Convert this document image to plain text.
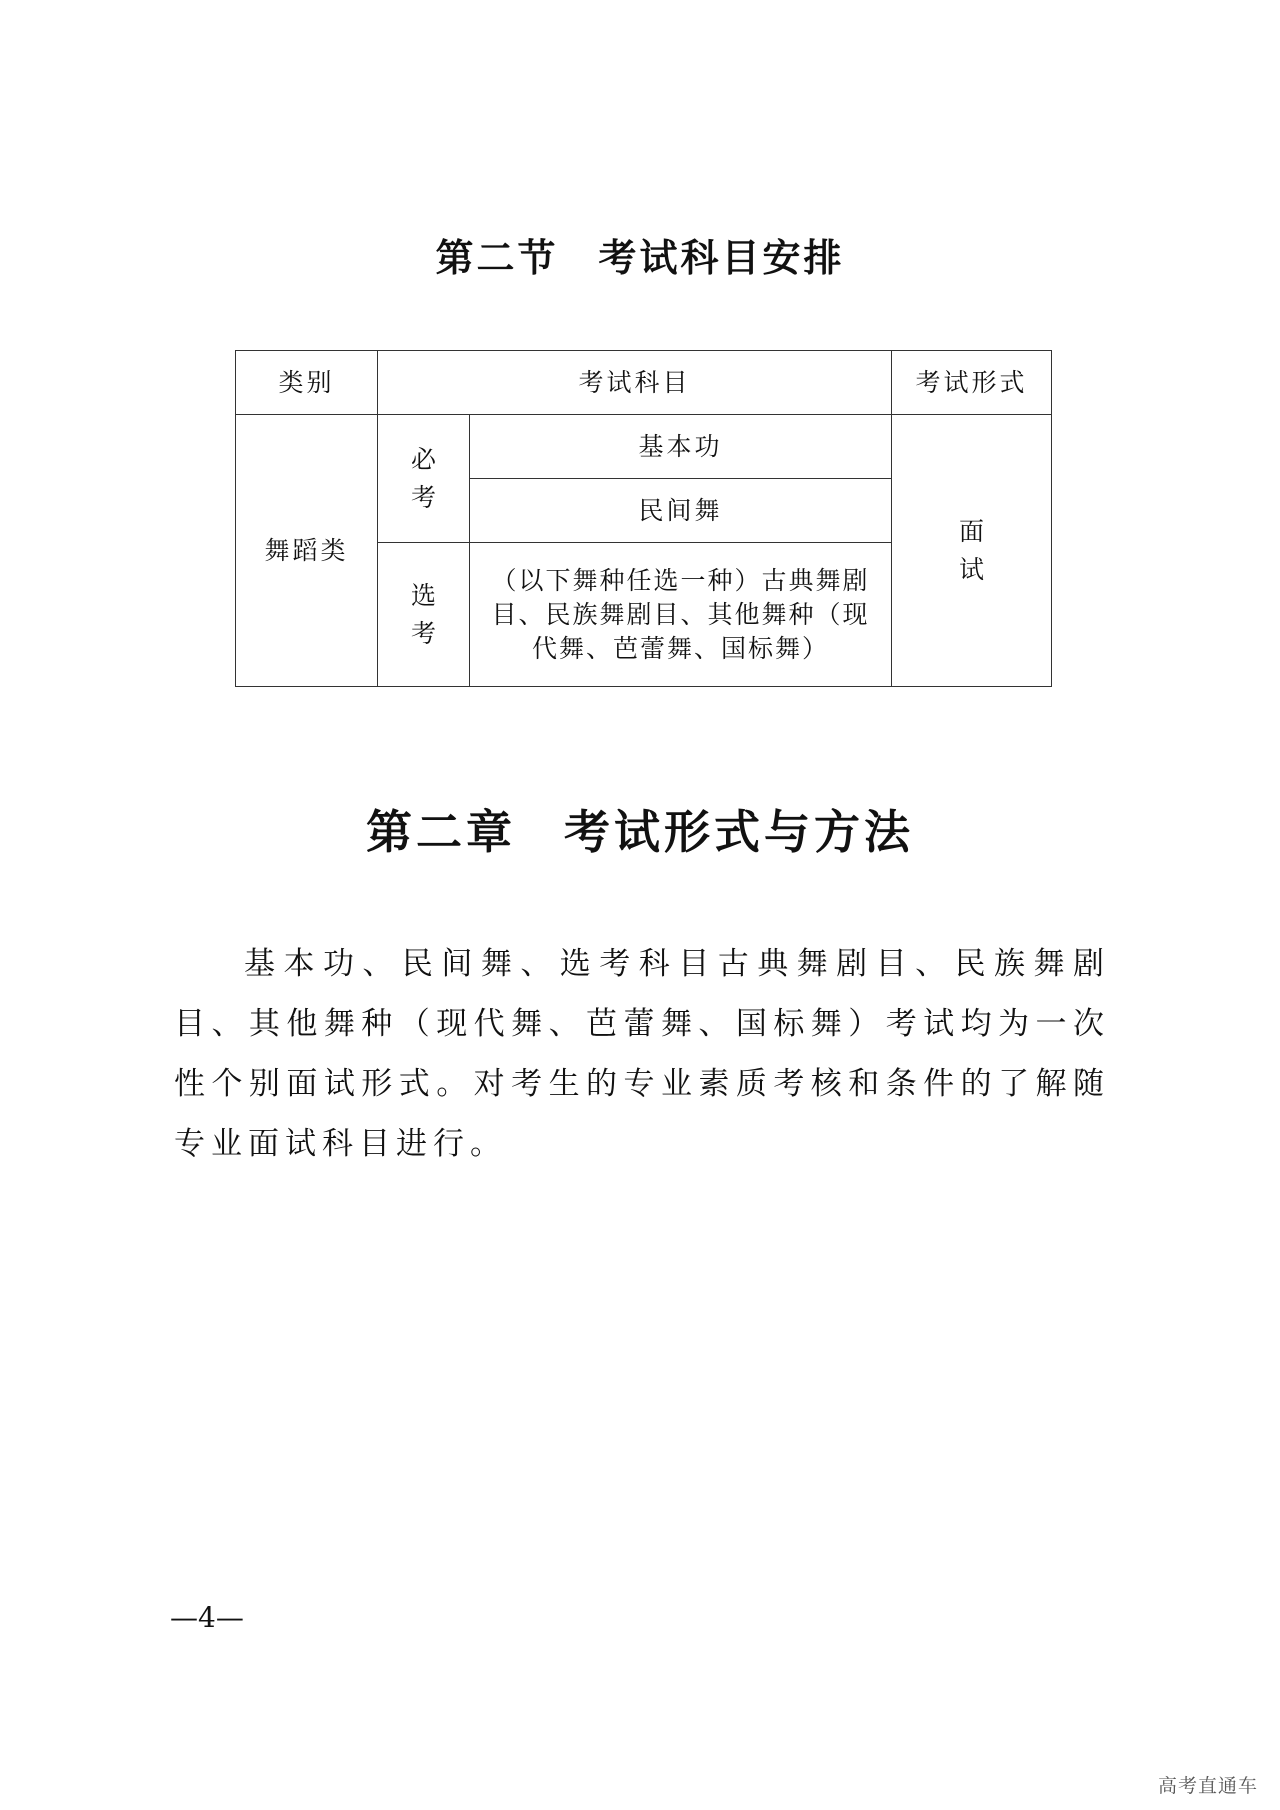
第二节 考试科目安排
类别	考试科目		考试形式
舞蹈类	必考	基本功	面试
		民间舞	
	选考	（以下舞种任选一种）古典舞剧目、民族舞剧目、其他舞种（现代舞、芭蕾舞、国标舞）	
第二章 考试形式与方法

基本功、民间舞、选考科目古典舞剧目、民族舞剧目、其他舞种（现代舞、芭蕾舞、国标舞）考试均为一次性个别面试形式。对考生的专业素质考核和条件的了解随专业面试科目进行。

—4—
高考直通车
